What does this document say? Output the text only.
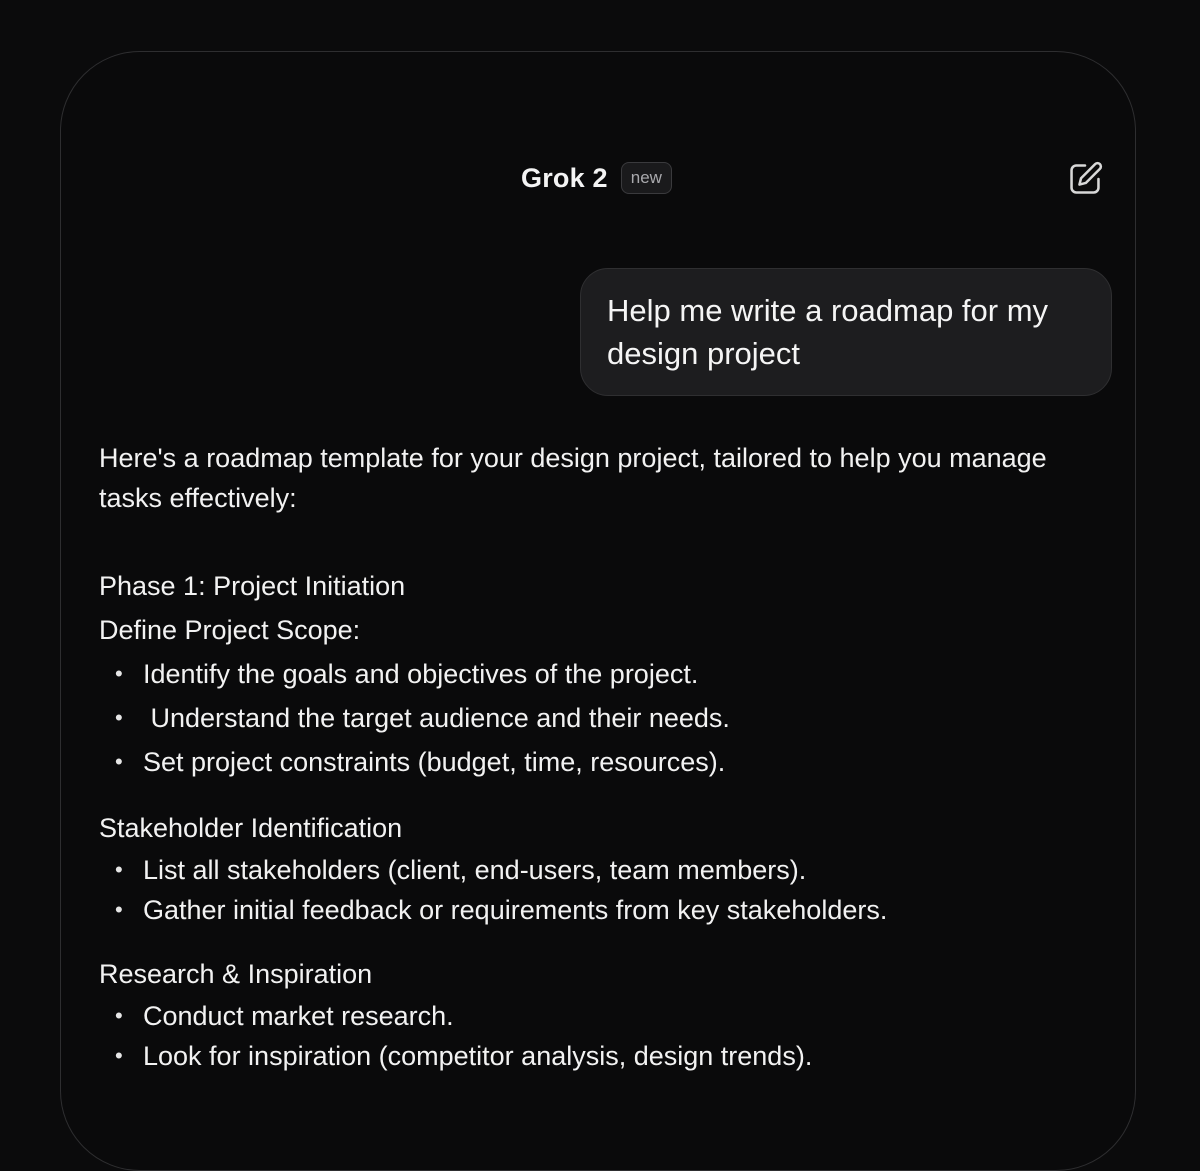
Grok 2	new
Help me write a roadmap for my design project

Here's a roadmap template for your design project, tailored to help you manage tasks effectively:

Phase 1: Project Initiation

Define Project Scope:

• Identify the goals and objectives of the project.
•  Understand the target audience and their needs.
• Set project constraints (budget, time, resources).

Stakeholder Identification

• List all stakeholders (client, end-users, team members).
• Gather initial feedback or requirements from key stakeholders.

Research & Inspiration

• Conduct market research.
• Look for inspiration (competitor analysis, design trends).
